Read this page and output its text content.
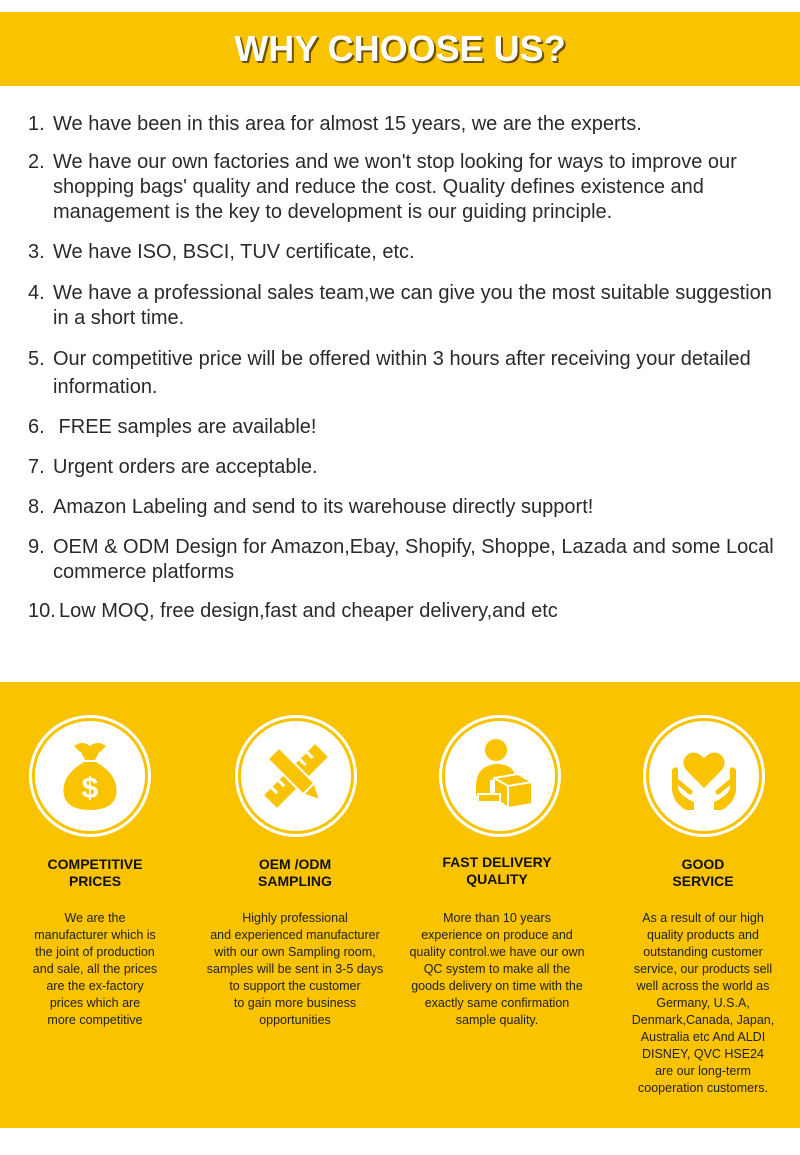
WHY CHOOSE US?
1. We have been in this area for almost 15 years, we are the experts.
2. We have our own factories and we won't stop looking for ways to improve our shopping bags' quality and reduce the cost. Quality defines existence and management is the key to development is our guiding principle.
3. We have ISO, BSCI, TUV certificate, etc.
4. We have a professional sales team,we can give you the most suitable suggestion in a short time.
5. Our competitive price will be offered within 3 hours after receiving your detailed information.
6. FREE samples are available!
7. Urgent orders are acceptable.
8. Amazon Labeling and send to its warehouse directly support!
9. OEM & ODM Design for Amazon,Ebay, Shopify, Shoppe, Lazada and some Local commerce platforms
10. Low MOQ, free design,fast and cheaper delivery,and etc
$
COMPETITIVE
PRICES

We are the
manufacturer which is
the joint of production
and sale, all the prices
are the ex-factory
prices which are
more competitive

OEM /ODM
SAMPLING

Highly professional
and experienced manufacturer
with our own Sampling room,
samples will be sent in 3-5 days
to support the customer
to gain more business
opportunities

FAST DELIVERY
QUALITY

More than 10 years
experience on produce and
quality control.we have our own
QC system to make all the
goods delivery on time with the
exactly same confirmation
sample quality.

GOOD
SERVICE

As a result of our high
quality products and
outstanding customer
service, our products sell
well across the world as
Germany, U.S.A,
Denmark,Canada, Japan,
Australia etc And ALDI
DISNEY, QVC HSE24
are our long-term
cooperation customers.
